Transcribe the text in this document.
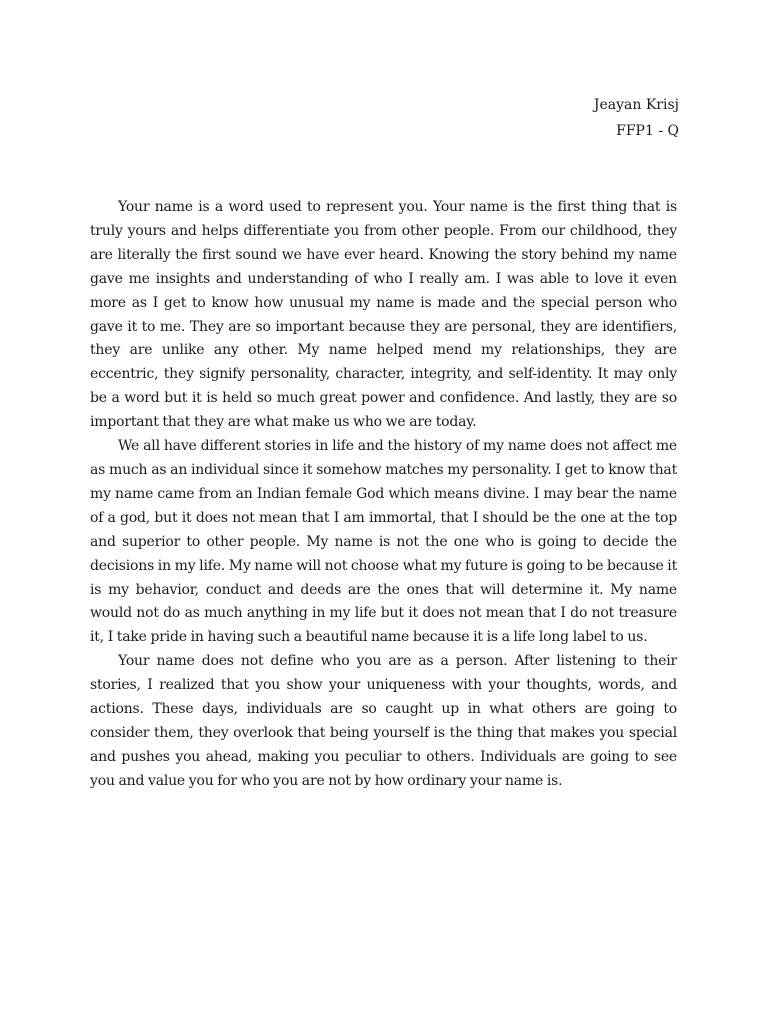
Jeayan Krisj
FFP1 - Q

Your name is a word used to represent you. Your name is the first thing that is truly yours and helps differentiate you from other people. From our childhood, they are literally the first sound we have ever heard. Knowing the story behind my name gave me insights and understanding of who I really am. I was able to love it even more as I get to know how unusual my name is made and the special person who gave it to me. They are so important because they are personal, they are identifiers, they are unlike any other. My name helped mend my relationships, they are eccentric, they signify personality, character, integrity, and self-identity. It may only be a word but it is held so much great power and confidence. And lastly, they are so important that they are what make us who we are today.

We all have different stories in life and the history of my name does not affect me as much as an individual since it somehow matches my personality. I get to know that my name came from an Indian female God which means divine. I may bear the name of a god, but it does not mean that I am immortal, that I should be the one at the top and superior to other people. My name is not the one who is going to decide the decisions in my life. My name will not choose what my future is going to be because it is my behavior, conduct and deeds are the ones that will determine it. My name would not do as much anything in my life but it does not mean that I do not treasure it, I take pride in having such a beautiful name because it is a life long label to us.

Your name does not define who you are as a person. After listening to their stories, I realized that you show your uniqueness with your thoughts, words, and actions. These days, individuals are so caught up in what others are going to consider them, they overlook that being yourself is the thing that makes you special and pushes you ahead, making you peculiar to others. Individuals are going to see you and value you for who you are not by how ordinary your name is.
